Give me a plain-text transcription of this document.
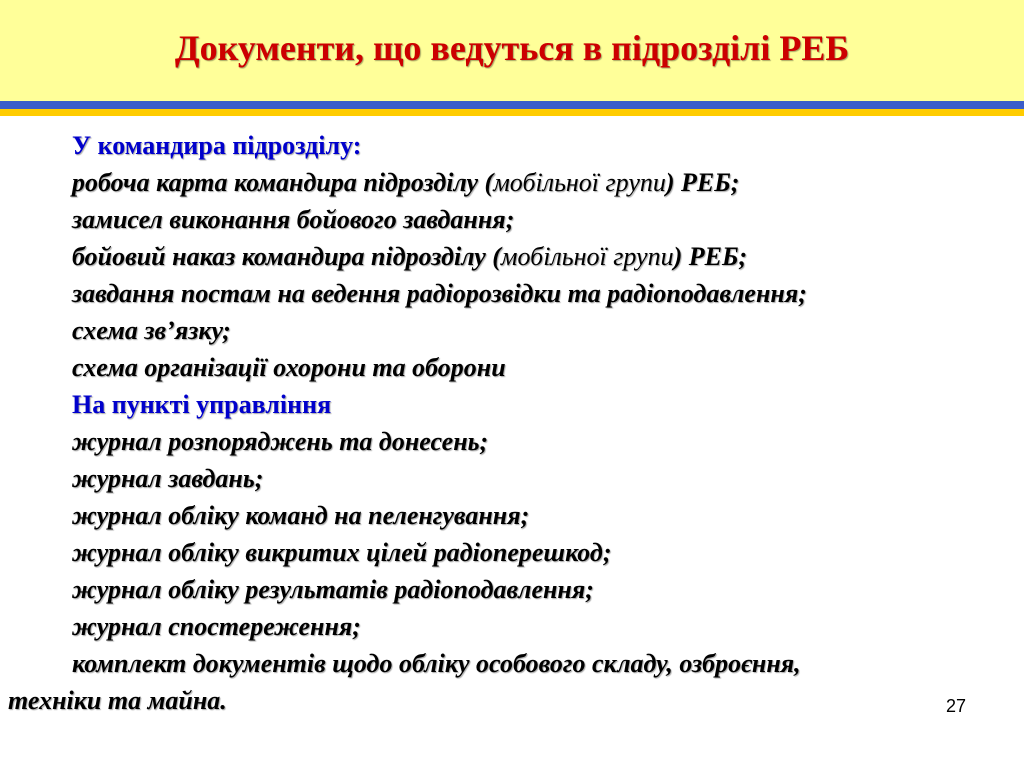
Документи, що ведуться в підрозділі РЕБ
У командира підрозділу:
робоча карта командира підрозділу (мобільної групи) РЕБ;
замисел виконання бойового завдання;
бойовий наказ командира підрозділу (мобільної групи) РЕБ;
завдання постам на ведення радіорозвідки та радіоподавлення;
схема зв’язку;
схема організації охорони та оборони
На пункті управління
журнал розпоряджень та донесень;
журнал завдань;
журнал обліку команд на пеленгування;
журнал обліку викритих цілей радіоперешкод;
журнал обліку результатів радіоподавлення;
журнал спостереження;
комплект документів щодо обліку особового складу, озброєння,
техніки та майна.	27
